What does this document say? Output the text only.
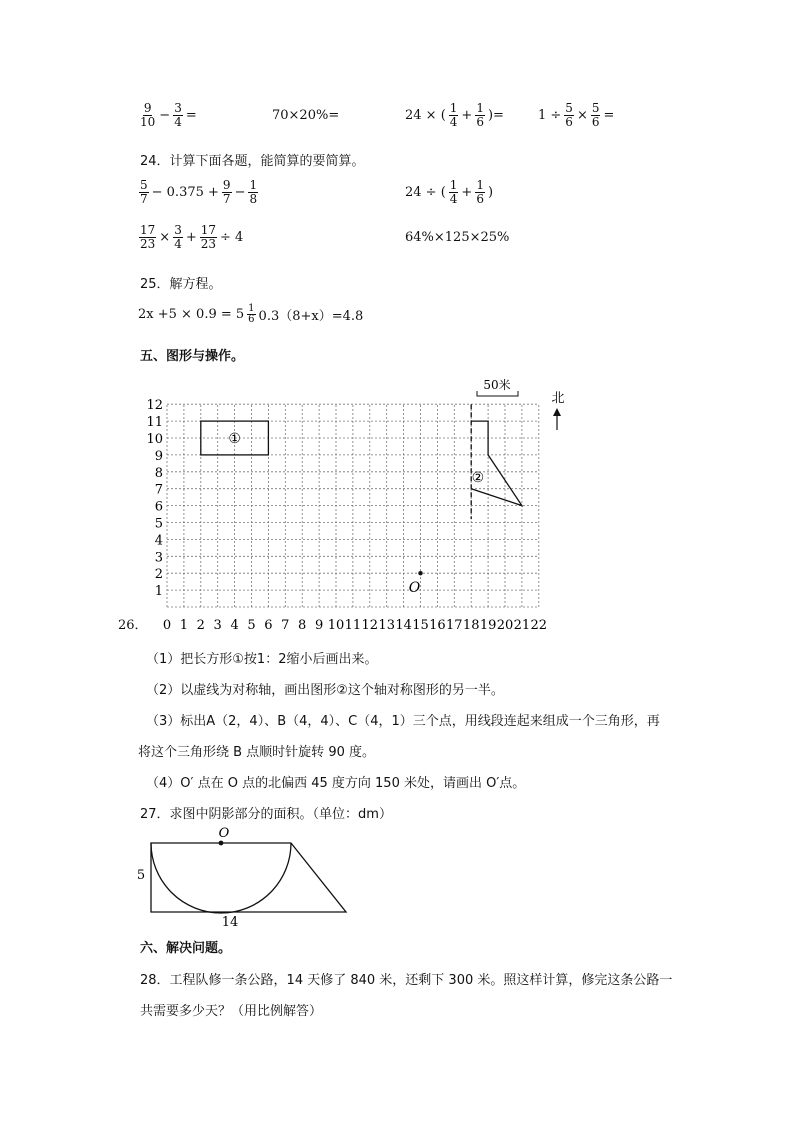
$\frac{9}{10} - \frac{3}{4}$ =	70×20%=	24 × ( $\frac{1}{4} + \frac{1}{6}$ )=	$1 \div \frac{5}{6} \times \frac{5}{6}$ =
24．计算下面各题，能简算的要简算。
$\frac{5}{7} - 0.375 + \frac{9}{7} - \frac{1}{8}$	24 ÷ ( $\frac{1}{4} + \frac{1}{6}$ )
$\frac{17}{23} \times \frac{3}{4} + \frac{17}{23} \div 4$	64%×125×25%
25．解方程。
$2x +5 \times 0.9 = 5 \frac{1}{6} 0.3(8+x)=4.8$
五、图形与操作。
0 1 2 3 4 5 6 7 8 9 10 11 12 13 14 15 16 17 18 19 20 21 22
1
2
3
4
5
6
7
8
9
10
11
12
①
②
O
50米
北
26．
（1）把长方形①按1：2缩小后画出来。
（2）以虚线为对称轴，画出图形②这个轴对称图形的另一半。
（3）标出A（2，4）、B（4，4）、C（4，1）三个点，用线段连起来组成一个三角形，再
将这个三角形绕 B 点顺时针旋转 90 度。
（4）O′ 点在 O 点的北偏西 45 度方向 150 米处，请画出 O′点。
27．求图中阴影部分的面积。（单位：dm）
O
5
14
六、解决问题。
28．工程队修一条公路，14 天修了 840 米，还剩下 300 米。照这样计算，修完这条公路一
共需要多少天？（用比例解答）
